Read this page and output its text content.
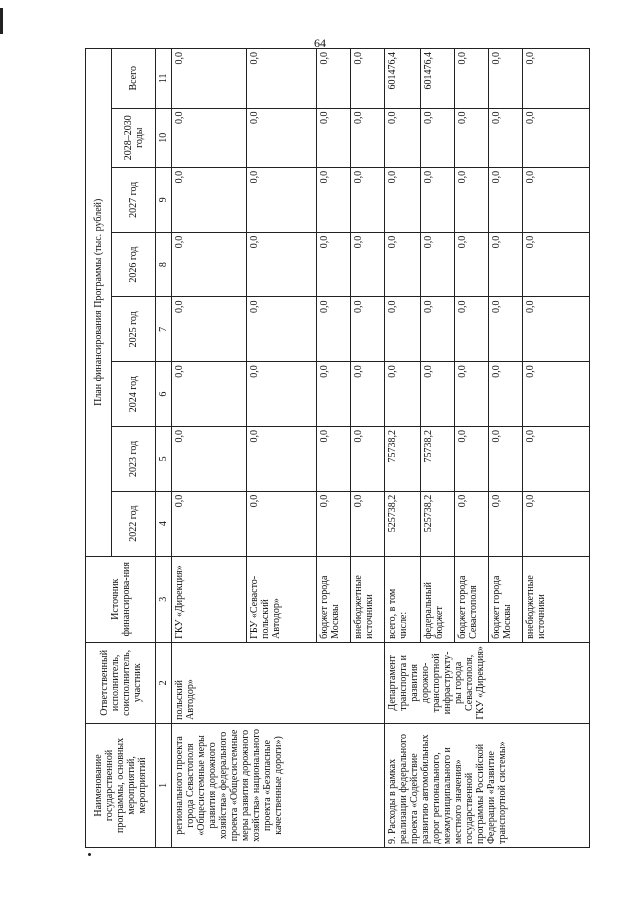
64
Наименование государственной программы, основных мероприятий, мероприятий	Ответственный исполнитель, соисполнитель, участник	Источник финансирова-ния	План финансирования Программы (тыс. рублей)							
			2022 год	2023 год	2024 год	2025 год	2026 год	2027 год	2028–2030 годы	Всего
1	2	3	4	5	6	7	8	9	10	11
регионального проекта города Севастополя «Общесистемные меры развития дорожного хозяйства» федерального проекта «Общесистемные меры развития дорожного хозяйства» национального проекта «Безопасные качественные дороги»)	польский Автодор»	ГКУ «Дирекция»	0,0	0,0	0,0	0,0	0,0	0,0	0,0	0,0
		ГБУ «Севасто-польский Автодор»	0,0	0,0	0,0	0,0	0,0	0,0	0,0	0,0
		бюджет города Москвы	0,0	0,0	0,0	0,0	0,0	0,0	0,0	0,0
		внебюджетные источники	0,0	0,0	0,0	0,0	0,0	0,0	0,0	0,0
9. Расходы в рамках реализации федерального проекта «Содействие развитию автомобильных дорог регионального, межмуниципального и местного значения» государственной программы Российской Федерации «Развитие транспортной системы»	Департамент транспорта и развития дорожно-транспортной инфраструкту-ры города Севастополя, ГКУ «Дирекция»	всего, в том числе:	525738,2	75738,2	0,0	0,0	0,0	0,0	0,0	601476,4
		федеральный бюджет	525738,2	75738,2	0,0	0,0	0,0	0,0	0,0	601476,4
		бюджет города Севастополя	0,0	0,0	0,0	0,0	0,0	0,0	0,0	0,0
		бюджет города Москвы	0,0	0,0	0,0	0,0	0,0	0,0	0,0	0,0
		внебюджетные источники	0,0	0,0	0,0	0,0	0,0	0,0	0,0	0,0
